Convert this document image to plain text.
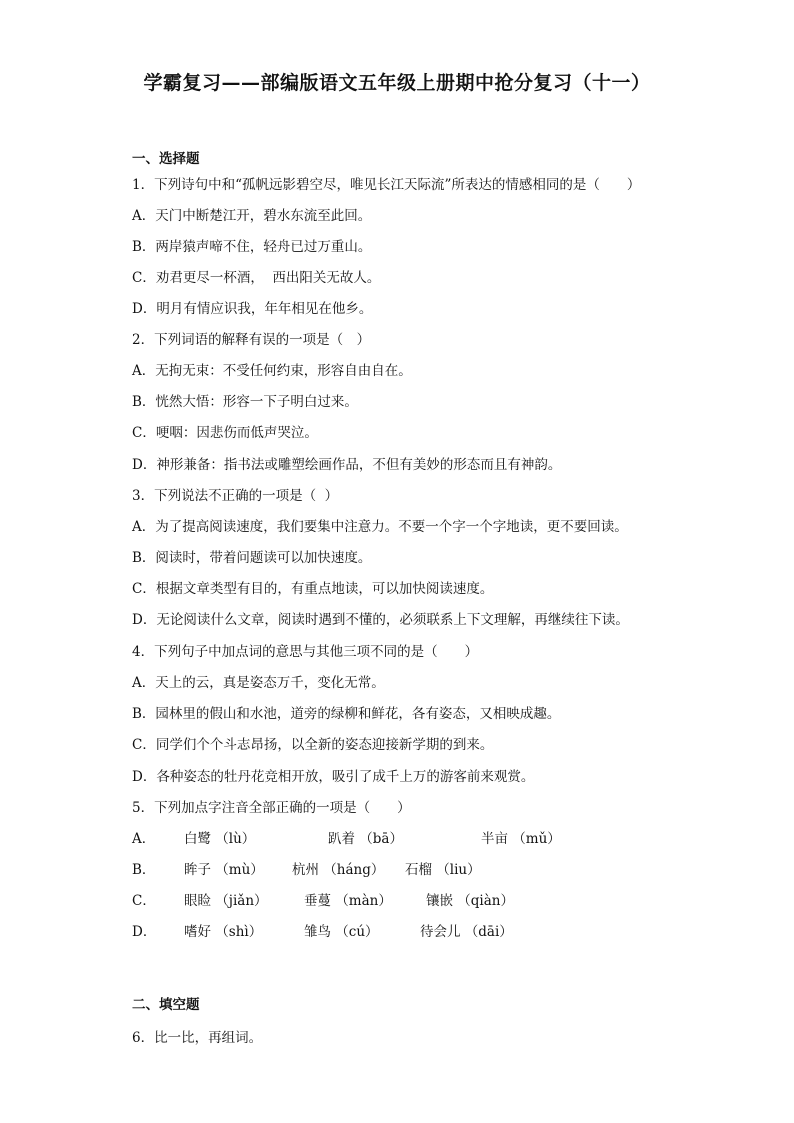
学霸复习——部编版语文五年级上册期中抢分复习（十一）
一、选择题
1．下列诗句中和“孤帆远影碧空尽，唯见长江天际流”所表达的情感相同的是（　　）
A．天门中断楚江开，碧水东流至此回。
B．两岸猿声啼不住，轻舟已过万重山。
C．劝君更尽一杯酒，  西出阳关无故人。
D．明月有情应识我，年年相见在他乡。
2．下列词语的解释有误的一项是（　）
A．无拘无束：不受任何约束，形容自由自在。
B．恍然大悟：形容一下子明白过来。
C．哽咽：因悲伤而低声哭泣。
D．神形兼备：指书法或雕塑绘画作品，不但有美妙的形态而且有神韵。
3．下列说法不正确的一项是（  ）
A．为了提高阅读速度，我们要集中注意力。不要一个字一个字地读，更不要回读。
B．阅读时，带着问题读可以加快速度。
C．根据文章类型有目的，有重点地读，可以加快阅读速度。
D．无论阅读什么文章，阅读时遇到不懂的，必须联系上下文理解，再继续往下读。
4．下列句子中加点词的意思与其他三项不同的是（　　）
A．天上的云，真是姿态万千，变化无常。
B．园林里的假山和水池，道旁的绿柳和鲜花，各有姿态，又相映成趣。
C．同学们个个斗志昂扬，以全新的姿态迎接新学期的到来。
D．各种姿态的牡丹花竞相开放，吸引了成千上万的游客前来观赏。
5．下列加点字注音全部正确的一项是（　　）
A． 白鹭 （lù）	趴着 （bā）	半亩 （mǔ）
B． 眸子 （mù） 杭州 （háng） 石榴 （liu）
C． 眼睑 （jiǎn）	垂蔓 （màn）	镶嵌 （qiàn）
D． 嗜好 （shì）	雏鸟 （cú）	待会儿 （dāi）
二、填空题
6．比一比，再组词。
